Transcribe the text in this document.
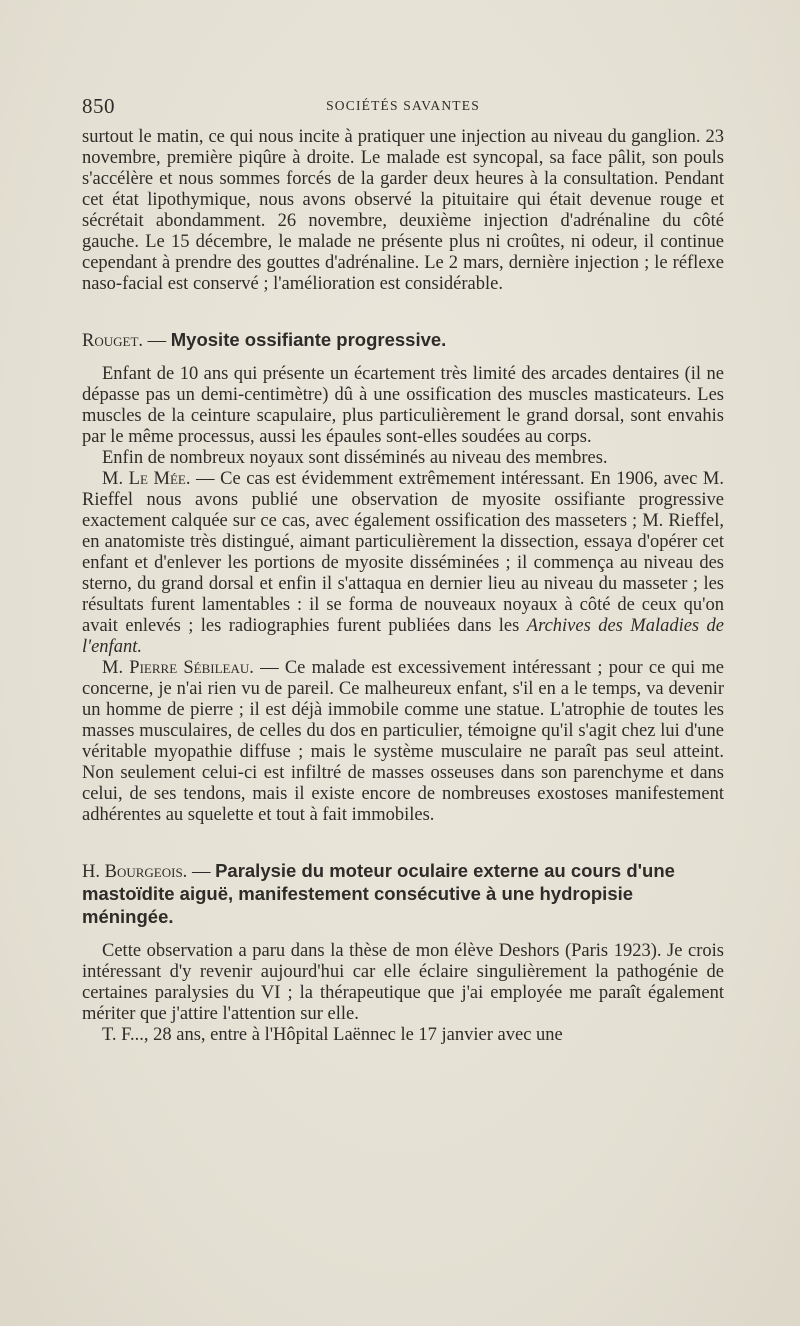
850	SOCIÉTÉS SAVANTES

surtout le matin, ce qui nous incite à pratiquer une injection au niveau du ganglion. 23 novembre, première piqûre à droite. Le malade est syncopal, sa face pâlit, son pouls s'accélère et nous sommes forcés de la garder deux heures à la consultation. Pendant cet état lipothymique, nous avons observé la pituitaire qui était devenue rouge et sécrétait abondamment. 26 novembre, deuxième injection d'adrénaline du côté gauche. Le 15 décembre, le malade ne présente plus ni croûtes, ni odeur, il continue cependant à prendre des gouttes d'adrénaline. Le 2 mars, dernière injection ; le réflexe naso-facial est conservé ; l'amélioration est considérable.

Rouget. — Myosite ossifiante progressive.

Enfant de 10 ans qui présente un écartement très limité des arcades dentaires (il ne dépasse pas un demi-centimètre) dû à une ossification des muscles masticateurs. Les muscles de la ceinture scapulaire, plus particulièrement le grand dorsal, sont envahis par le même processus, aussi les épaules sont-elles soudées au corps.

Enfin de nombreux noyaux sont disséminés au niveau des membres.

M. Le Mée. — Ce cas est évidemment extrêmement intéressant. En 1906, avec M. Rieffel nous avons publié une observation de myosite ossifiante progressive exactement calquée sur ce cas, avec également ossification des masseters ; M. Rieffel, en anatomiste très distingué, aimant particulièrement la dissection, essaya d'opérer cet enfant et d'enlever les portions de myosite disséminées ; il commença au niveau des sterno, du grand dorsal et enfin il s'attaqua en dernier lieu au niveau du masseter ; les résultats furent lamentables : il se forma de nouveaux noyaux à côté de ceux qu'on avait enlevés ; les radiographies furent publiées dans les Archives des Maladies de l'enfant.

M. Pierre Sébileau. — Ce malade est excessivement intéressant ; pour ce qui me concerne, je n'ai rien vu de pareil. Ce malheureux enfant, s'il en a le temps, va devenir un homme de pierre ; il est déjà immobile comme une statue. L'atrophie de toutes les masses musculaires, de celles du dos en particulier, témoigne qu'il s'agit chez lui d'une véritable myopathie diffuse ; mais le système musculaire ne paraît pas seul atteint. Non seulement celui-ci est infiltré de masses osseuses dans son parenchyme et dans celui, de ses tendons, mais il existe encore de nombreuses exostoses manifestement adhérentes au squelette et tout à fait immobiles.

H. Bourgeois. — Paralysie du moteur oculaire externe au cours d'une mastoïdite aiguë, manifestement consécutive à une hydropisie méningée.

Cette observation a paru dans la thèse de mon élève Deshors (Paris 1923). Je crois intéressant d'y revenir aujourd'hui car elle éclaire singulièrement la pathogénie de certaines paralysies du VI ; la thérapeutique que j'ai employée me paraît également mériter que j'attire l'attention sur elle.

T. F..., 28 ans, entre à l'Hôpital Laënnec le 17 janvier avec une
